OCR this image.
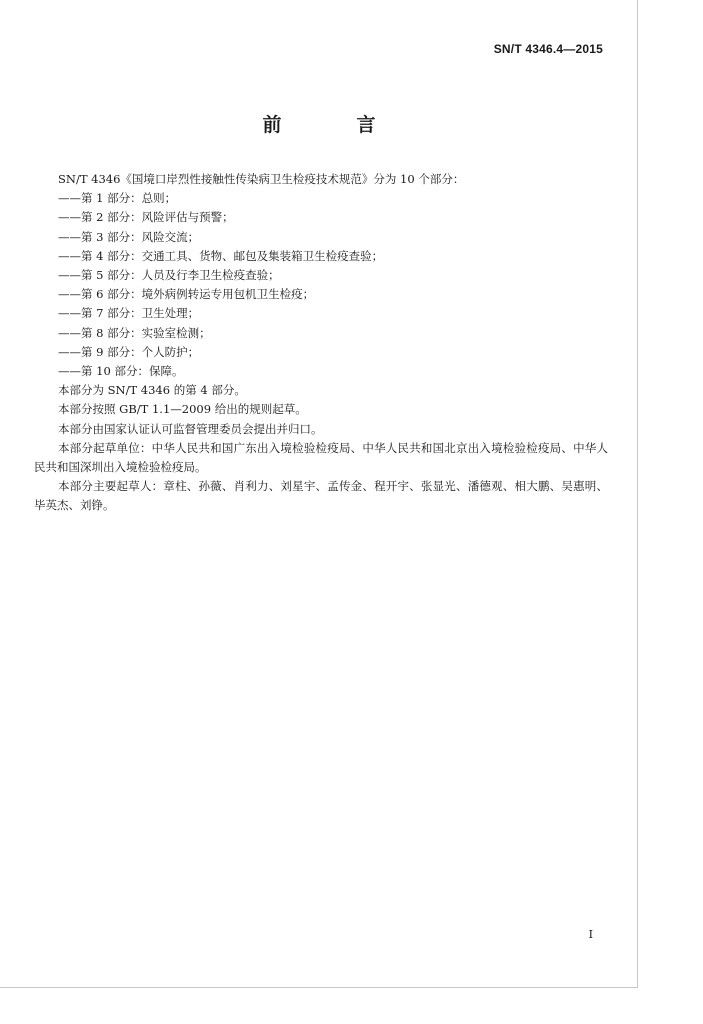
SN/T 4346.4—2015
前　言

SN/T 4346《国境口岸烈性接触性传染病卫生检疫技术规范》分为 10 个部分：

——第 1 部分：总则；

——第 2 部分：风险评估与预警；

——第 3 部分：风险交流；

——第 4 部分：交通工具、货物、邮包及集装箱卫生检疫查验；

——第 5 部分：人员及行李卫生检疫查验；

——第 6 部分：境外病例转运专用包机卫生检疫；

——第 7 部分：卫生处理；

——第 8 部分：实验室检测；

——第 9 部分：个人防护；

——第 10 部分：保障。

本部分为 SN/T 4346 的第 4 部分。

本部分按照 GB/T 1.1—2009 给出的规则起草。

本部分由国家认证认可监督管理委员会提出并归口。

本部分起草单位：中华人民共和国广东出入境检验检疫局、中华人民共和国北京出入境检验检疫局、中华人民共和国深圳出入境检验检疫局。

本部分主要起草人：章柱、孙薇、肖利力、刘星宇、孟传金、程开宇、张显光、潘德观、相大鹏、吴惠明、毕英杰、刘铮。

I
